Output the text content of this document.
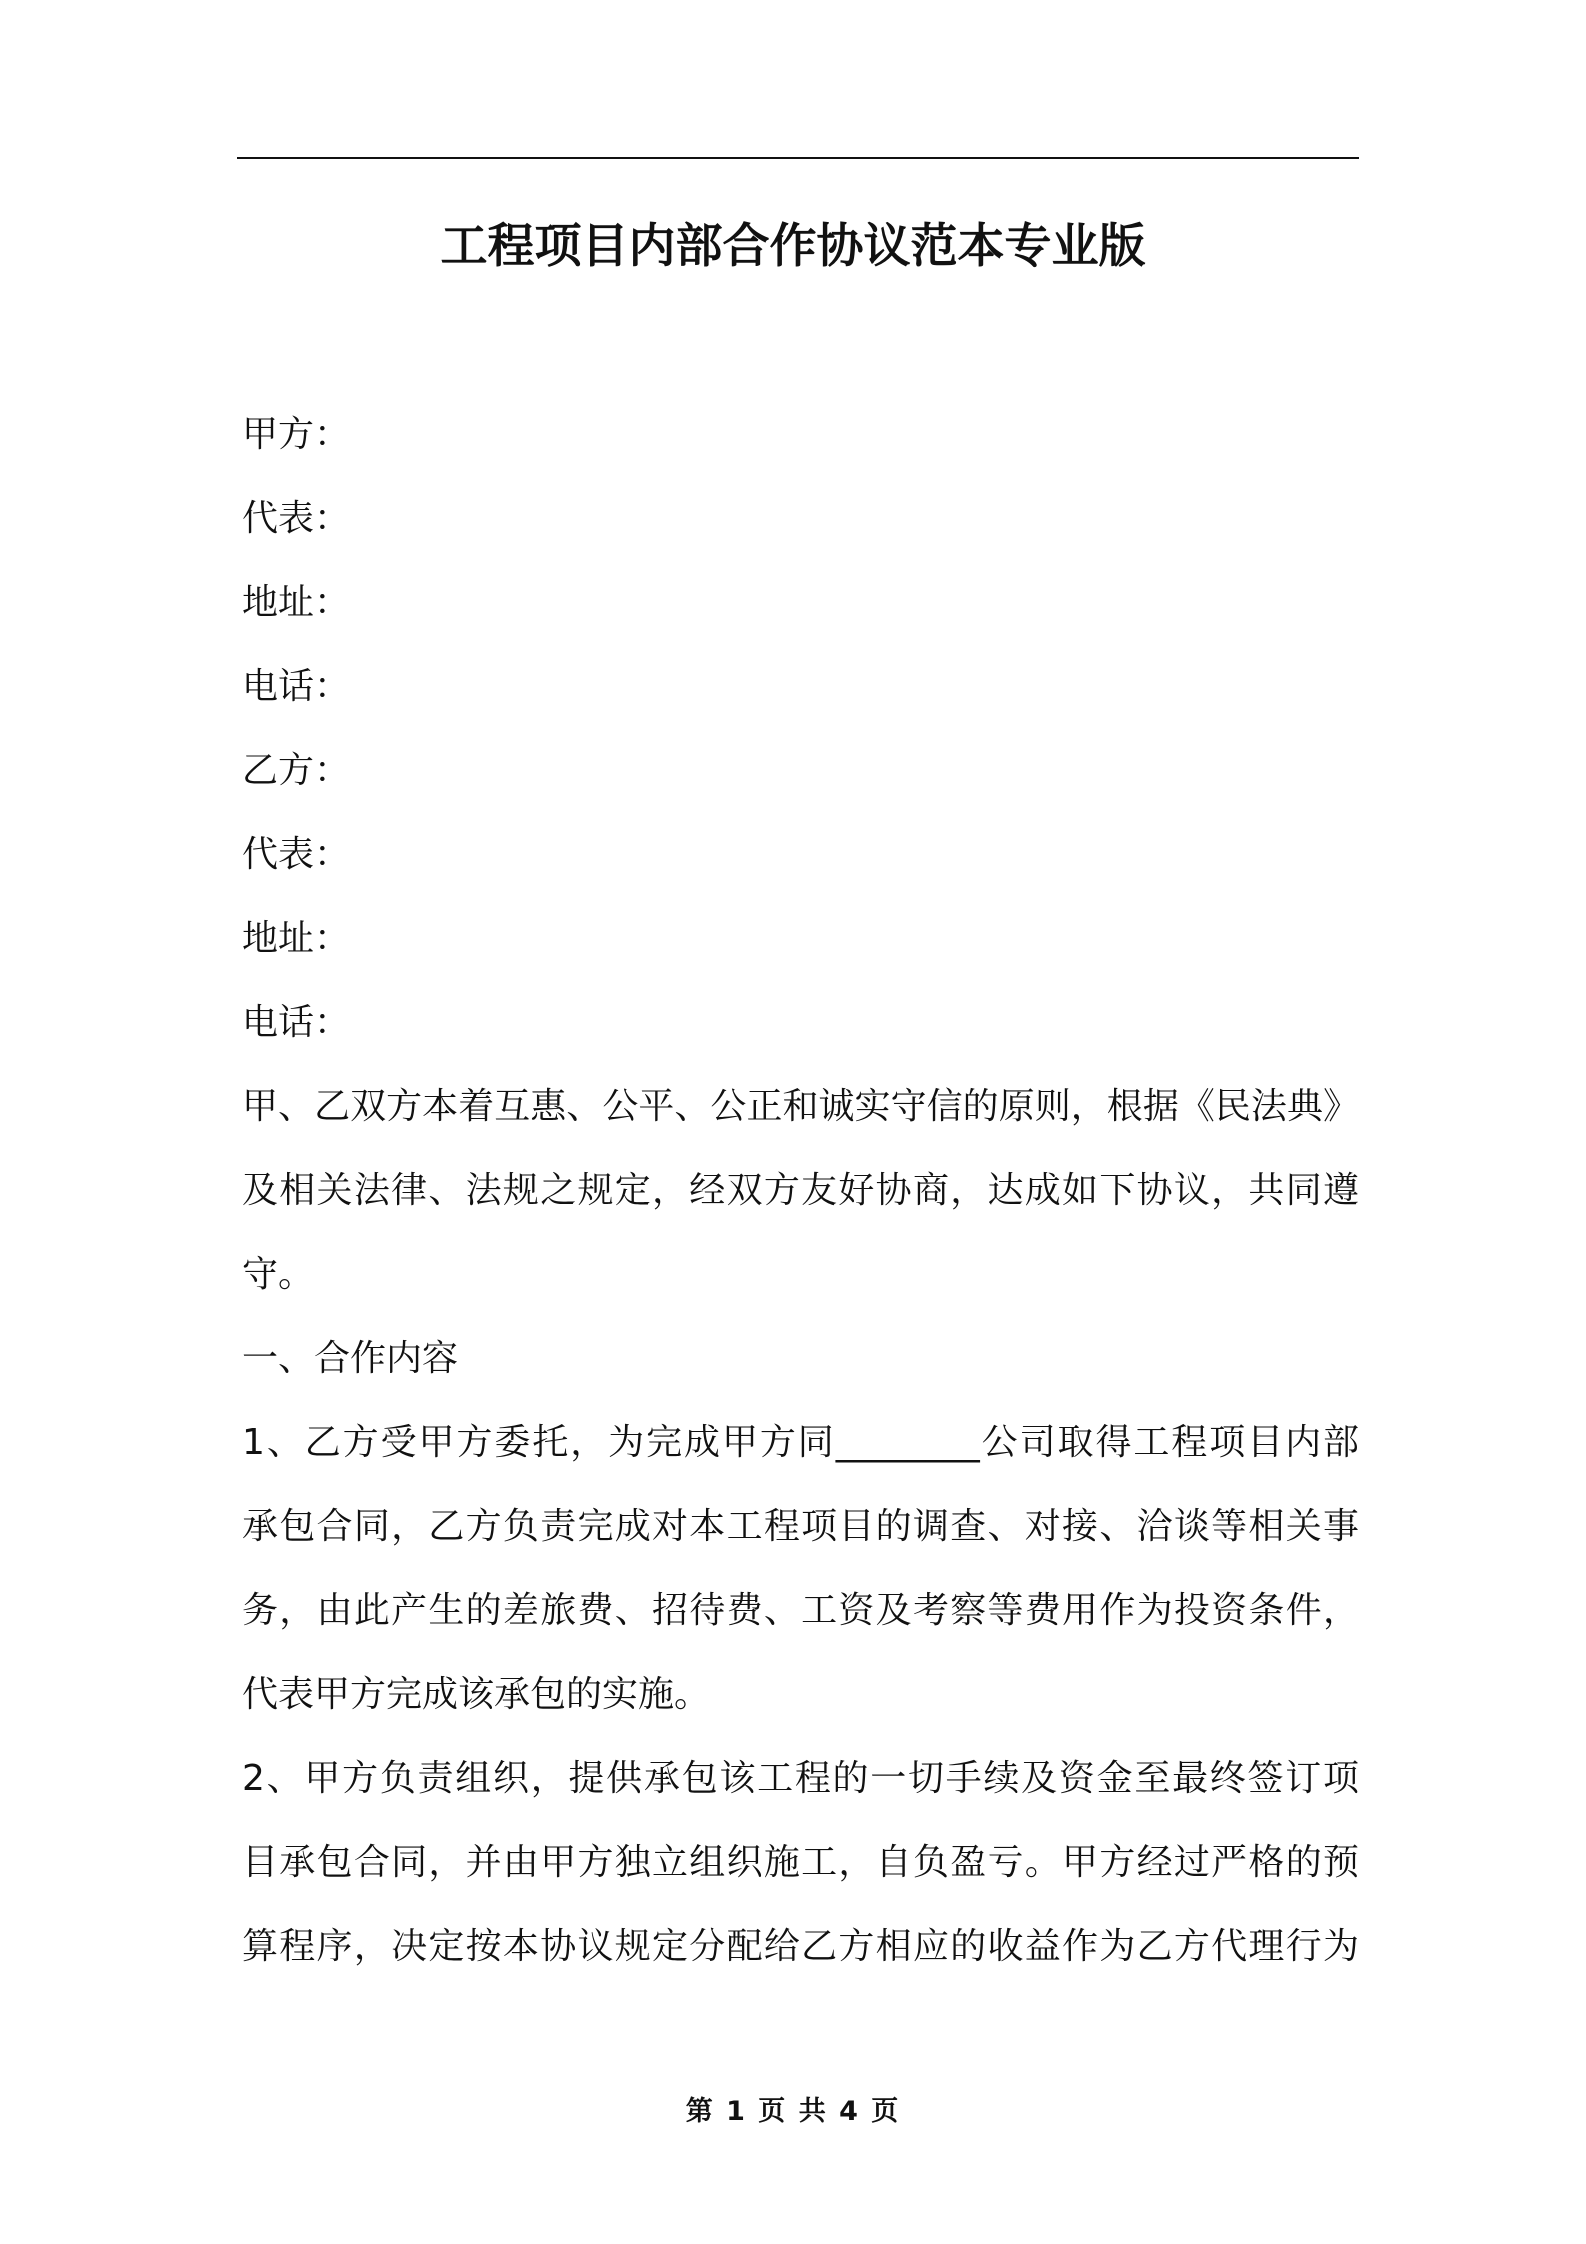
工程项目内部合作协议范本专业版
甲方：
代表：
地址：
电话：
乙方：
代表：
地址：
电话：
甲、乙双方本着互惠、公平、公正和诚实守信的原则，根据《民法典》
及相关法律、法规之规定，经双方友好协商，达成如下协议，共同遵
守。
一、合作内容
1、乙方受甲方委托，为完成甲方同________公司取得工程项目内部
承包合同，乙方负责完成对本工程项目的调查、对接、洽谈等相关事
务，由此产生的差旅费、招待费、工资及考察等费用作为投资条件，
代表甲方完成该承包的实施。
2、甲方负责组织，提供承包该工程的一切手续及资金至最终签订项
目承包合同，并由甲方独立组织施工，自负盈亏。甲方经过严格的预
算程序，决定按本协议规定分配给乙方相应的收益作为乙方代理行为
第 1 页 共 4 页
